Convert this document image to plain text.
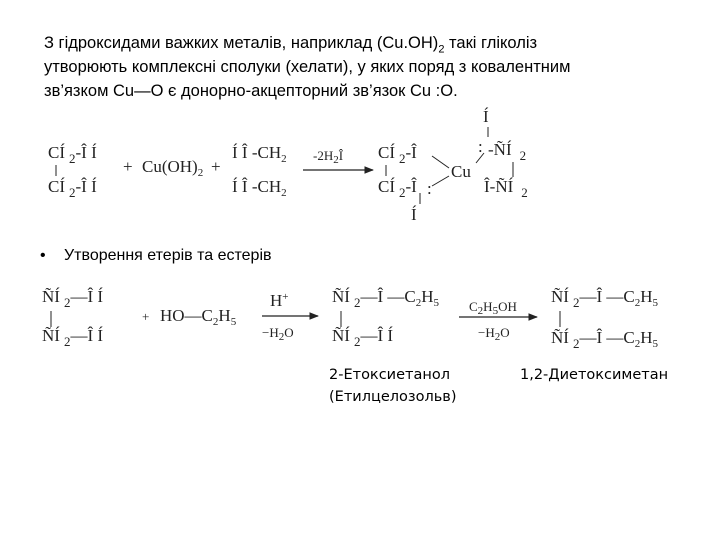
З гідроксидами важких металів, наприклад $(Cu.OH)_2$ такі гліколіз
утворюють комплексні сполуки (хелати), у яких поряд з ковалентним
зв’язком Cu—O є донорно-акцепторний зв’язок Cu :O.
CÍ $_2$-Î Í
CÍ $_2$-Î Í
+ $Cu(OH)_2$ +
Í Î $-CH_2$
Í Î $-CH_2$
$-2H_2Î$ CÍ $_2$-Î
CÍ $_2$-Î
Cu
Í
:
Í
:
-ÑÍ $_2$
Î-ÑÍ $_2$
ÑÍ $_2$—Î Í
ÑÍ $_2$—Î Í
+ $HO—C_2H_5$
H+
$-H_2O$
ÑÍ $_2$—Î $—C_2H_5$
ÑÍ $_2$—Î Í
$C_2H_5OH$
$-H_2O$
ÑÍ $_2$—Î $—C_2H_5$
ÑÍ $_2$—Î $—C_2H_5$
• Утворення етерів та естерів
2-Етоксиетанол
(Етилцелозольв)
1,2-Диетоксиметан
